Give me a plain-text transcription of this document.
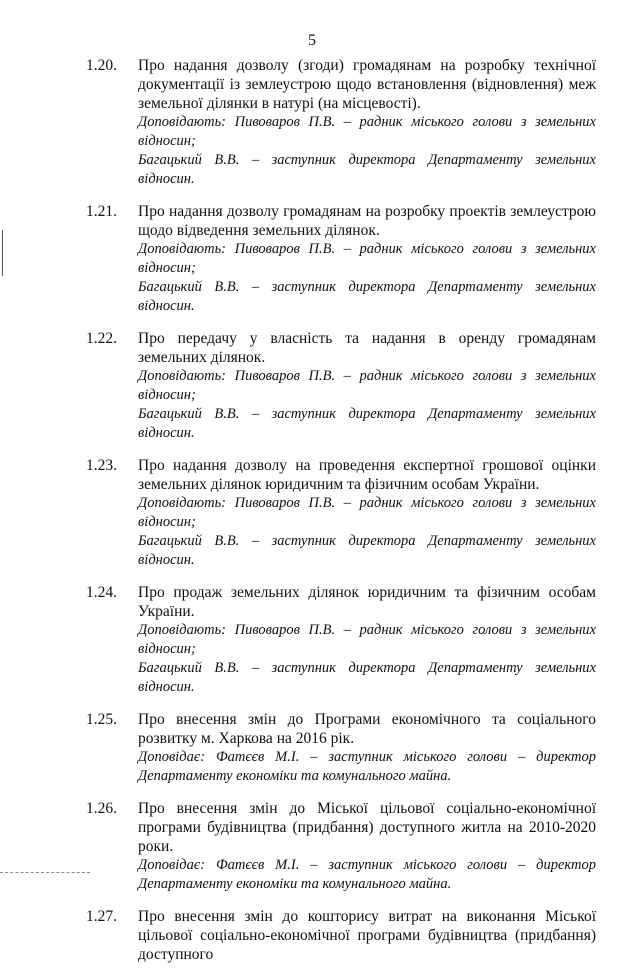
5
1.20. Про надання дозволу (згоди) громадянам на розробку технічної документації із землеустрою щодо встановлення (відновлення) меж земельної ділянки в натурі (на місцевості).
Доповідають: Пивоваров П.В. – радник міського голови з земельних відносин;
Багацький В.В. – заступник директора Департаменту земельних відносин.
1.21. Про надання дозволу громадянам на розробку проектів землеустрою щодо відведення земельних ділянок.
Доповідають: Пивоваров П.В. – радник міського голови з земельних відносин;
Багацький В.В. – заступник директора Департаменту земельних відносин.
1.22. Про передачу у власність та надання в оренду громадянам земельних ділянок.
Доповідають: Пивоваров П.В. – радник міського голови з земельних відносин;
Багацький В.В. – заступник директора Департаменту земельних відносин.
1.23. Про надання дозволу на проведення експертної грошової оцінки земельних ділянок юридичним та фізичним особам України.
Доповідають: Пивоваров П.В. – радник міського голови з земельних відносин;
Багацький В.В. – заступник директора Департаменту земельних відносин.
1.24. Про продаж земельних ділянок юридичним та фізичним особам України.
Доповідають: Пивоваров П.В. – радник міського голови з земельних відносин;
Багацький В.В. – заступник директора Департаменту земельних відносин.
1.25. Про внесення змін до Програми економічного та соціального розвитку м. Харкова на 2016 рік.
Доповідає: Фатєєв М.І. – заступник міського голови – директор Департаменту економіки та комунального майна.
1.26. Про внесення змін до Міської цільової соціально-економічної програми будівництва (придбання) доступного житла на 2010-2020 роки.
Доповідає: Фатєєв М.І. – заступник міського голови – директор Департаменту економіки та комунального майна.
1.27. Про внесення змін до кошторису витрат на виконання Міської цільової соціально-економічної програми будівництва (придбання) доступного
